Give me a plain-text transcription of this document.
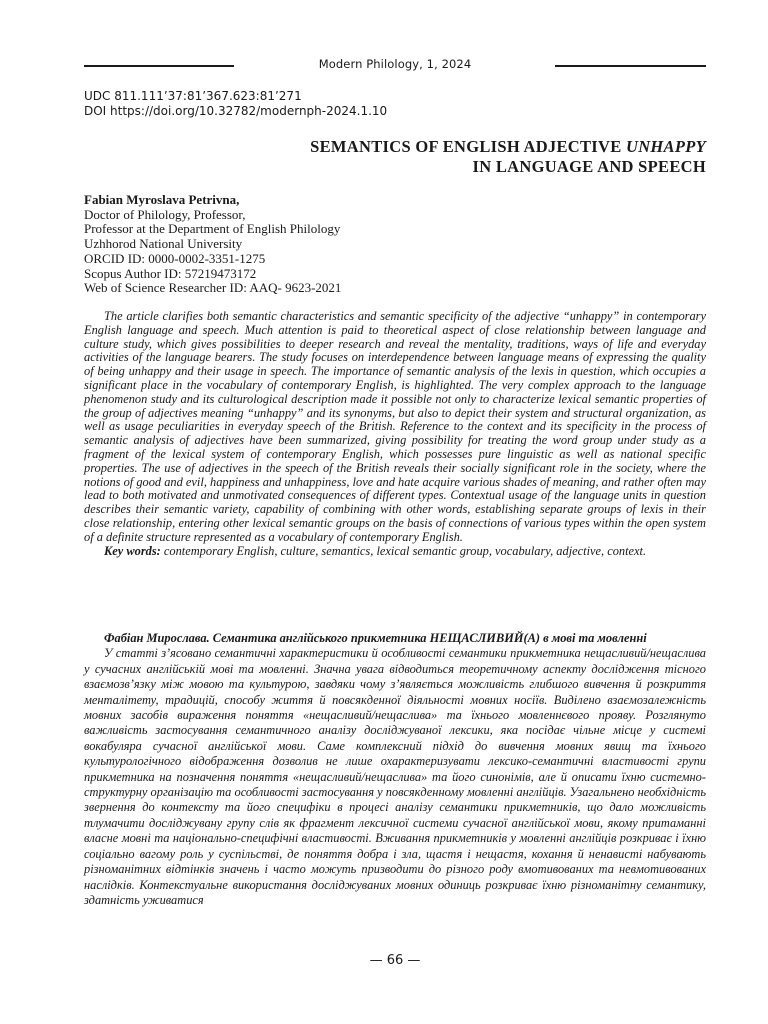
Modern Philology, 1, 2024
UDC 811.111’37:81’367.623:81’271
DOI https://doi.org/10.32782/modernph-2024.1.10
SEMANTICS OF ENGLISH ADJECTIVE UNHAPPY
IN LANGUAGE AND SPEECH
Fabian Myroslava Petrivna,
Doctor of Philology, Professor,
Professor at the Department of English Philology
Uzhhorod National University
ORCID ID: 0000-0002-3351-1275
Scopus Author ID: 57219473172
Web of Science Researcher ID: AAQ- 9623-2021

The article clarifies both semantic characteristics and semantic specificity of the adjective “unhappy” in contemporary English language and speech. Much attention is paid to theoretical aspect of close relationship between language and culture study, which gives possibilities to deeper research and reveal the mentality, traditions, ways of life and everyday activities of the language bearers. The study focuses on interdependence between language means of expressing the quality of being unhappy and their usage in speech. The importance of semantic analysis of the lexis in question, which occupies a significant place in the vocabulary of contemporary English, is highlighted. The very complex approach to the language phenomenon study and its culturological description made it possible not only to characterize lexical semantic properties of the group of adjectives meaning “unhappy” and its synonyms, but also to depict their system and structural organization, as well as usage peculiarities in everyday speech of the British. Reference to the context and its specificity in the process of semantic analysis of adjectives have been summarized, giving possibility for treating the word group under study as a fragment of the lexical system of contemporary English, which possesses pure linguistic as well as national specific properties. The use of adjectives in the speech of the British reveals their socially significant role in the society, where the notions of good and evil, happiness and unhappiness, love and hate acquire various shades of meaning, and rather often may lead to both motivated and unmotivated consequences of different types. Contextual usage of the language units in question describes their semantic variety, capability of combining with other words, establishing separate groups of lexis in their close relationship, entering other lexical semantic groups on the basis of connections of various types within the open system of a definite structure represented as a vocabulary of contemporary English.

Key words: contemporary English, culture, semantics, lexical semantic group, vocabulary, adjective, context.

Фабіан Мирослава. Семантика англійського прикметника НЕЩАСЛИВИЙ(А) в мові та мовленні

У статті з’ясовано семантичні характеристики й особливості семантики прикметника нещасливий/нещаслива у сучасних англійській мові та мовленні. Значна увага відводиться теоретичному аспекту дослідження тісного взаємозв’язку між мовою та культурою, завдяки чому з’являється можливість глибшого вивчення й розкриття менталітету, традицій, способу життя й повсякденної діяльності мовних носіїв. Виділено взаємозалежність мовних засобів вираження поняття «нещасливий/нещаслива» та їхнього мовленнєвого прояву. Розглянуто важливість застосування семантичного аналізу досліджуваної лексики, яка посідає чільне місце у системі вокабуляра сучасної англійської мови. Саме комплексний підхід до вивчення мовних явищ та їхнього культурологічного відображення дозволив не лише охарактеризувати лексико-семантичні властивості групи прикметника на позначення поняття «нещасливий/нещаслива» та його синонімів, але й описати їхню системно-структурну організацію та особливості застосування у повсякденному мовленні англійців. Узагальнено необхідність звернення до контексту та його специфіки в процесі аналізу семантики прикметників, що дало можливість тлумачити досліджувану групу слів як фрагмент лексичної системи сучасної англійської мови, якому притаманні власне мовні та національно-специфічні властивості. Вживання прикметників у мовленні англійців розкриває і їхню соціально вагому роль у суспільстві, де поняття добра і зла, щастя і нещастя, кохання й ненависті набувають різноманітних відтінків значень і часто можуть призводити до різного роду вмотивованих та невмотивованих наслідків. Контекстуальне використання досліджуваних мовних одиниць розкриває їхню різноманітну семантику, здатність уживатися

— 66 —
